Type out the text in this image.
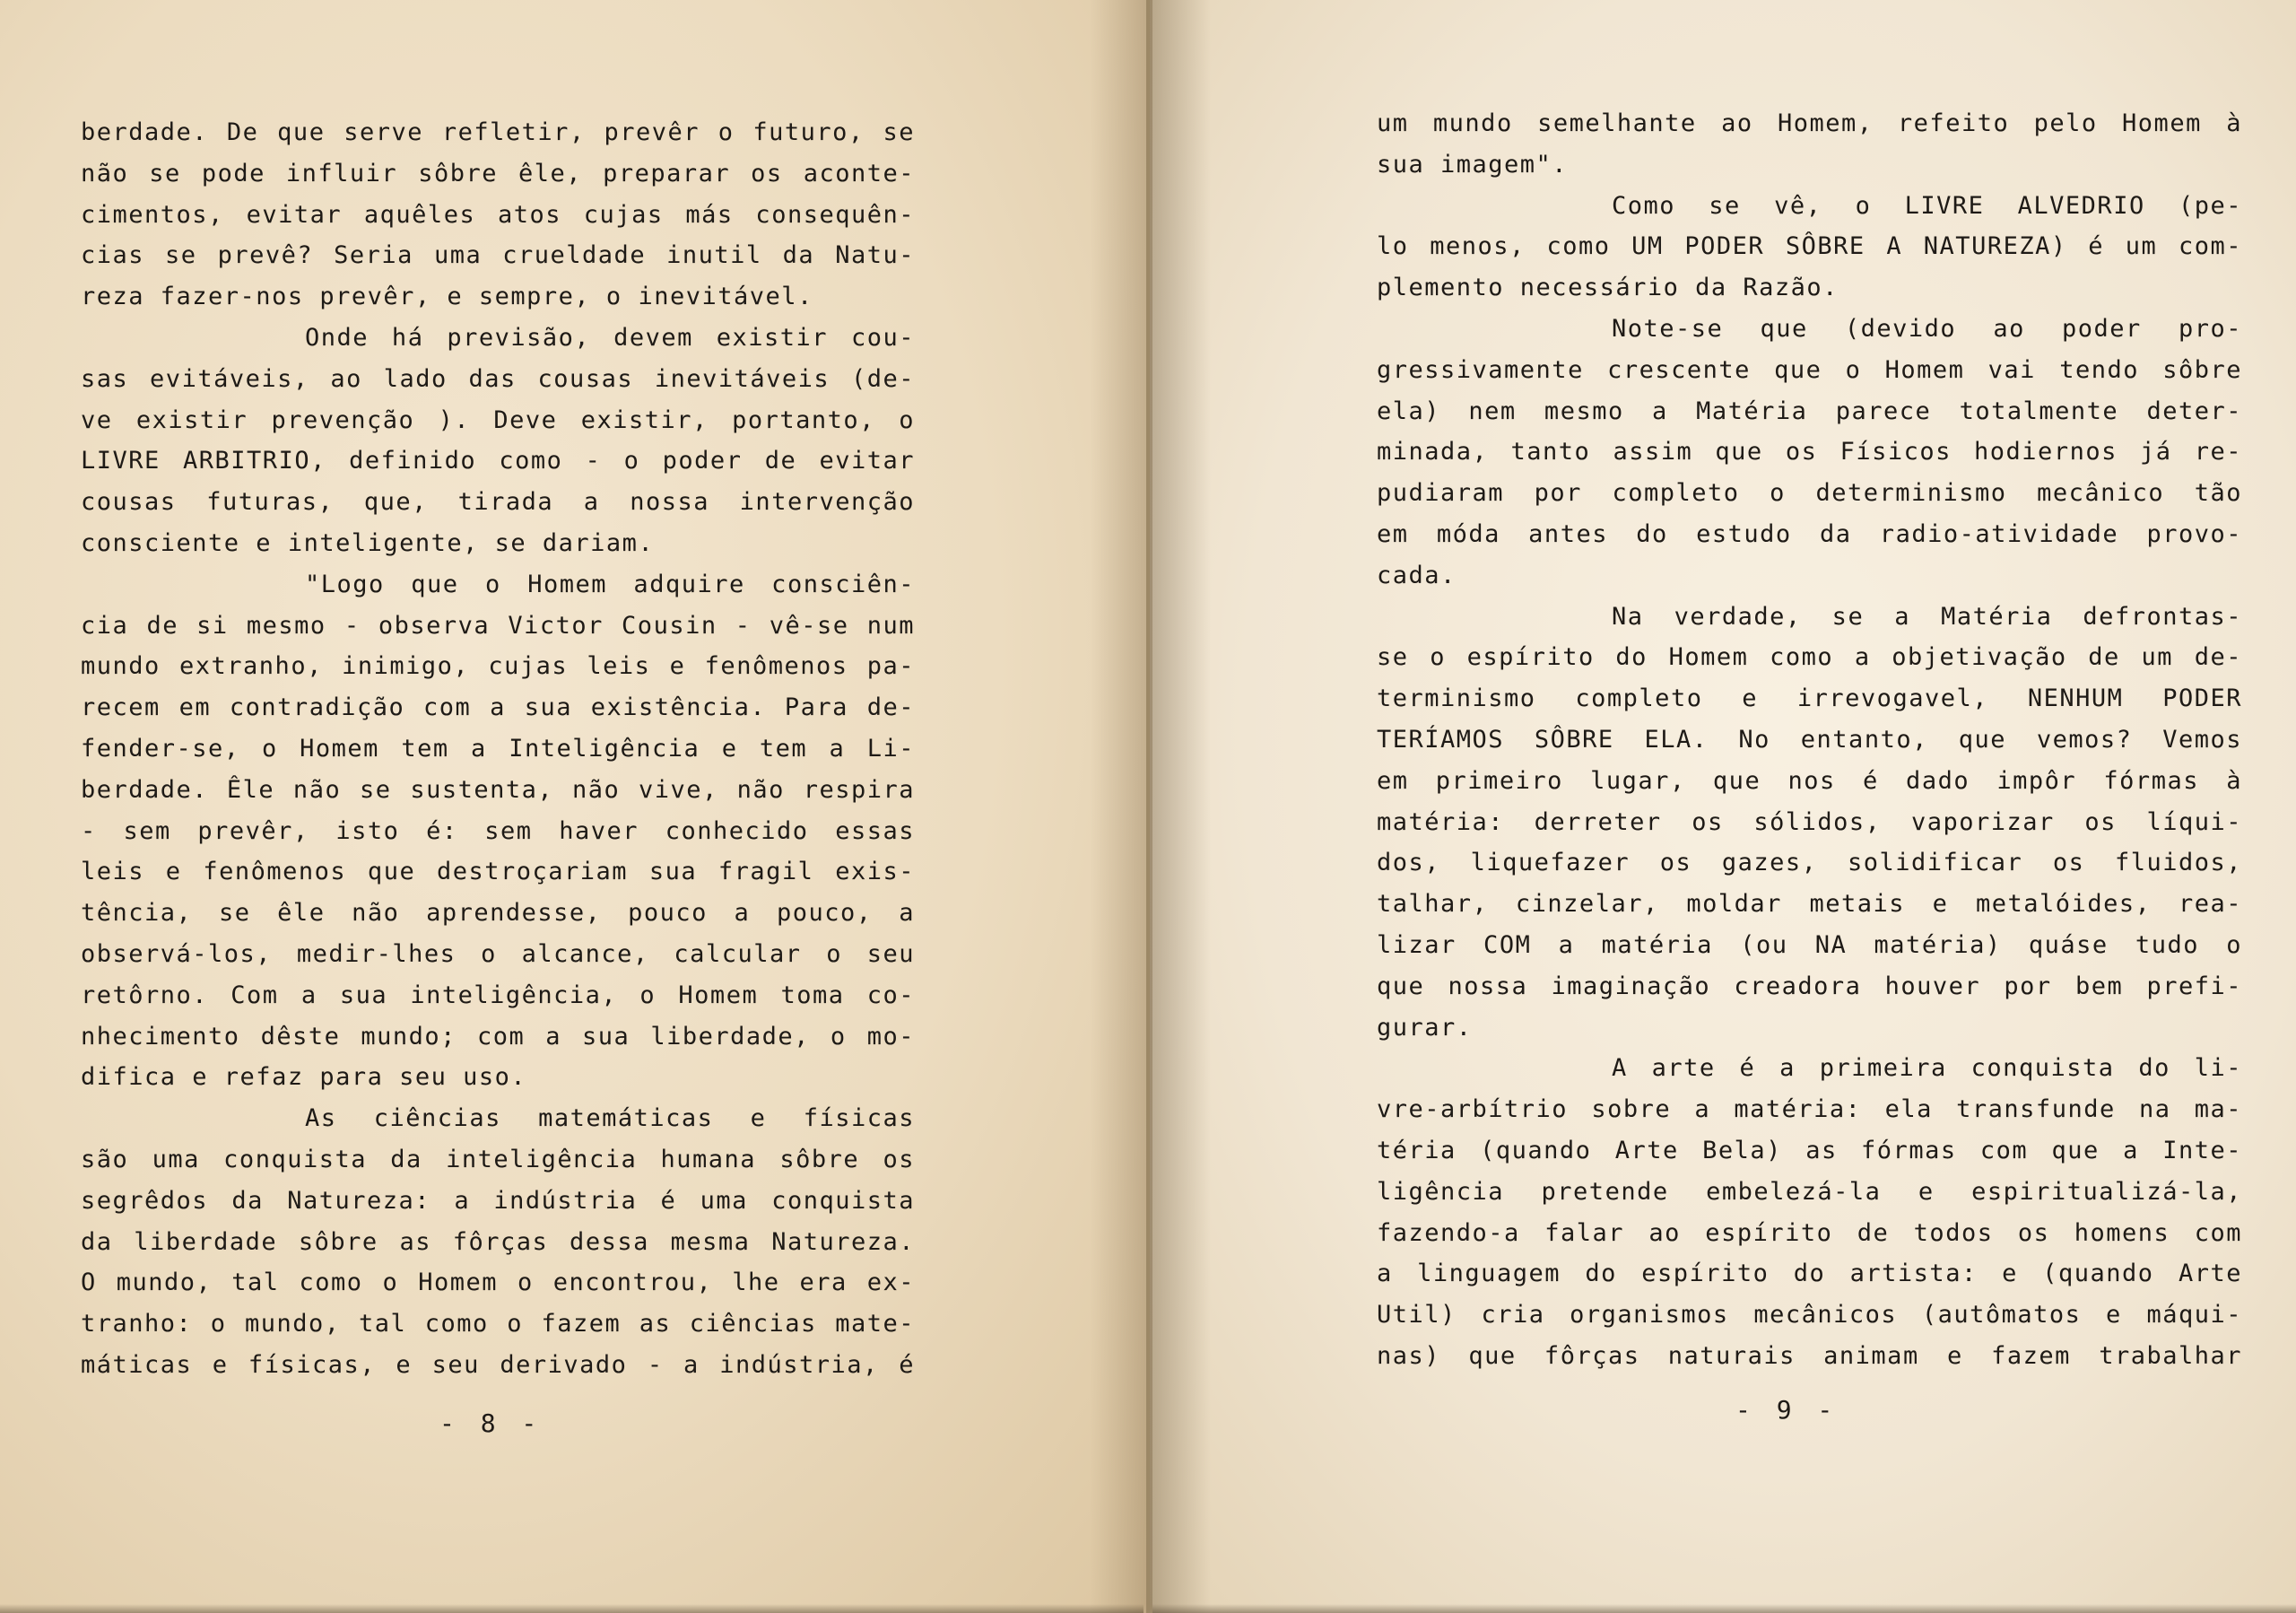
berdade. De que serve refletir, prevêr o futuro, se
não se pode influir sôbre êle, preparar os aconte-
cimentos, evitar aquêles atos cujas más consequên-
cias se prevê? Seria uma crueldade inutil da Natu-
reza fazer-nos prevêr, e sempre, o inevitável.
Onde há previsão, devem existir cou-
sas evitáveis, ao lado das cousas inevitáveis (de-
ve existir prevenção ). Deve existir, portanto, o
LIVRE ARBITRIO, definido como - o poder de evitar
cousas futuras, que, tirada a nossa intervenção
consciente e inteligente, se dariam.
"Logo que o Homem adquire consciên-
cia de si mesmo - observa Victor Cousin - vê-se num
mundo extranho, inimigo, cujas leis e fenômenos pa-
recem em contradição com a sua existência. Para de-
fender-se, o Homem tem a Inteligência e tem a Li-
berdade. Êle não se sustenta, não vive, não respira
- sem prevêr, isto é: sem haver conhecido essas
leis e fenômenos que destroçariam sua fragil exis-
tência, se êle não aprendesse, pouco a pouco, a
observá-los, medir-lhes o alcance, calcular o seu
retôrno. Com a sua inteligência, o Homem toma co-
nhecimento dêste mundo; com a sua liberdade, o mo-
difica e refaz para seu uso.
As ciências matemáticas e físicas
são uma conquista da inteligência humana sôbre os
segrêdos da Natureza: a indústria é uma conquista
da liberdade sôbre as fôrças dessa mesma Natureza.
O mundo, tal como o Homem o encontrou, lhe era ex-
tranho: o mundo, tal como o fazem as ciências mate-
máticas e físicas, e seu derivado - a indústria, é
- 8 -
um mundo semelhante ao Homem, refeito pelo Homem à
sua imagem".
Como se vê, o LIVRE ALVEDRIO (pe-
lo menos, como UM PODER SÔBRE A NATUREZA) é um com-
plemento necessário da Razão.
Note-se que (devido ao poder pro-
gressivamente crescente que o Homem vai tendo sôbre
ela) nem mesmo a Matéria parece totalmente deter-
minada, tanto assim que os Físicos hodiernos já re-
pudiaram por completo o determinismo mecânico tão
em móda antes do estudo da radio-atividade provo-
cada.
Na verdade, se a Matéria defrontas-
se o espírito do Homem como a objetivação de um de-
terminismo completo e irrevogavel, NENHUM PODER
TERÍAMOS SÔBRE ELA. No entanto, que vemos? Vemos
em primeiro lugar, que nos é dado impôr fórmas à
matéria: derreter os sólidos, vaporizar os líqui-
dos, liquefazer os gazes, solidificar os fluidos,
talhar, cinzelar, moldar metais e metalóides, rea-
lizar COM a matéria (ou NA matéria) quáse tudo o
que nossa imaginação creadora houver por bem prefi-
gurar.
A arte é a primeira conquista do li-
vre-arbítrio sobre a matéria: ela transfunde na ma-
téria (quando Arte Bela) as fórmas com que a Inte-
ligência pretende embelezá-la e espiritualizá-la,
fazendo-a falar ao espírito de todos os homens com
a linguagem do espírito do artista: e (quando Arte
Util) cria organismos mecânicos (autômatos e máqui-
nas) que fôrças naturais animam e fazem trabalhar
- 9 -
